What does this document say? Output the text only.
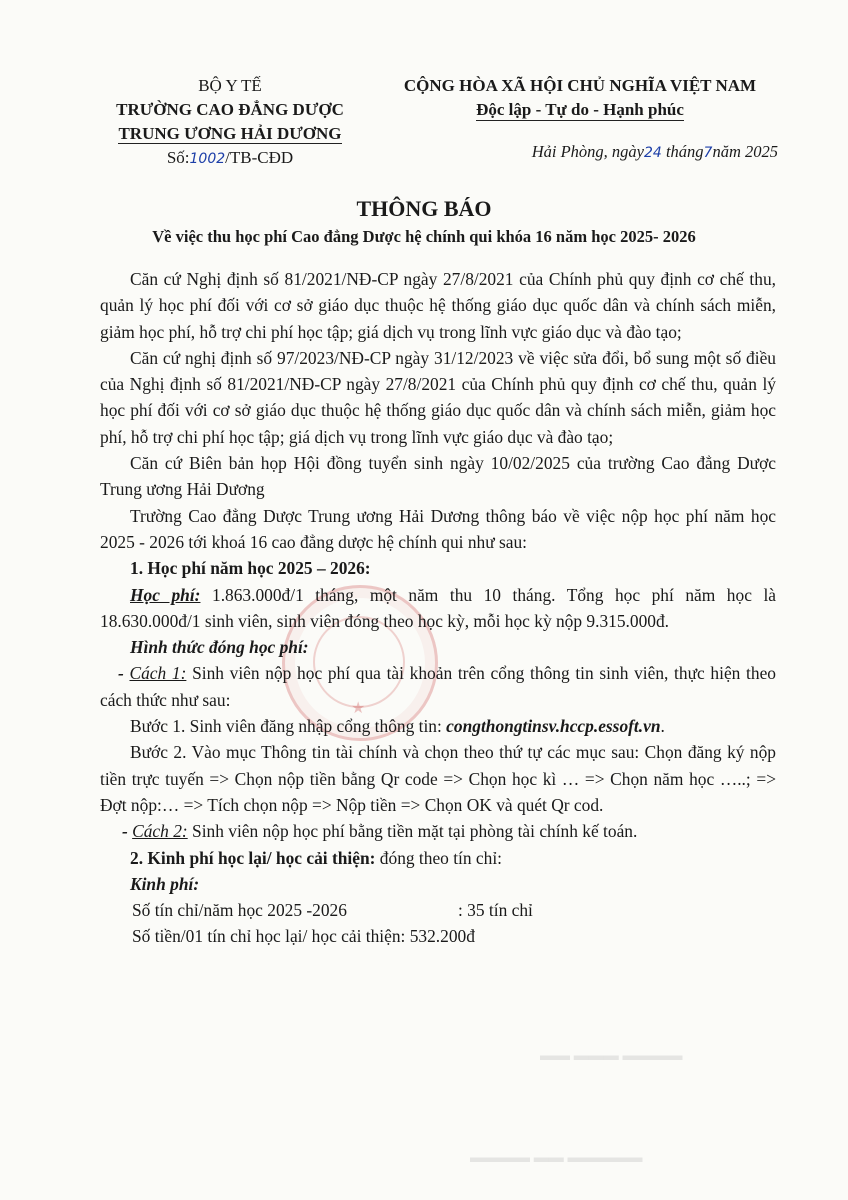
BỘ Y TẾ
TRƯỜNG CAO ĐẲNG DƯỢC
TRUNG ƯƠNG HẢI DƯƠNG
Số:1002/TB-CĐD
CỘNG HÒA XÃ HỘI CHỦ NGHĨA VIỆT NAM
Độc lập - Tự do - Hạnh phúc
Hải Phòng, ngày24 tháng7năm 2025
THÔNG BÁO
Về việc thu học phí Cao đẳng Dược hệ chính qui khóa 16 năm học 2025- 2026
★
▬▬ ▬▬▬ ▬▬▬▬
▬▬▬▬ ▬▬ ▬▬▬▬▬

Căn cứ Nghị định số 81/2021/NĐ-CP ngày 27/8/2021 của Chính phủ quy định cơ chế thu, quản lý học phí đối với cơ sở giáo dục thuộc hệ thống giáo dục quốc dân và chính sách miễn, giảm học phí, hỗ trợ chi phí học tập; giá dịch vụ trong lĩnh vực giáo dục và đào tạo;

Căn cứ nghị định số 97/2023/NĐ-CP ngày 31/12/2023 về việc sửa đổi, bổ sung một số điều của Nghị định số 81/2021/NĐ-CP ngày 27/8/2021 của Chính phủ quy định cơ chế thu, quản lý học phí đối với cơ sở giáo dục thuộc hệ thống giáo dục quốc dân và chính sách miễn, giảm học phí, hỗ trợ chi phí học tập; giá dịch vụ trong lĩnh vực giáo dục và đào tạo;

Căn cứ Biên bản họp Hội đồng tuyển sinh ngày 10/02/2025 của trường Cao đẳng Dược Trung ương Hải Dương

Trường Cao đẳng Dược Trung ương Hải Dương thông báo về việc nộp học phí năm học 2025 - 2026 tới khoá 16 cao đẳng dược hệ chính qui như sau:

1. Học phí năm học 2025 – 2026:

Học phí: 1.863.000đ/1 tháng, một năm thu 10 tháng. Tổng học phí năm học là 18.630.000đ/1 sinh viên, sinh viên đóng theo học kỳ, mỗi học kỳ nộp 9.315.000đ.

Hình thức đóng học phí:

- Cách 1: Sinh viên nộp học phí qua tài khoản trên cổng thông tin sinh viên, thực hiện theo cách thức như sau:

Bước 1. Sinh viên đăng nhập cổng thông tin: congthongtinsv.hccp.essoft.vn.

Bước 2. Vào mục Thông tin tài chính và chọn theo thứ tự các mục sau: Chọn đăng ký nộp tiền trực tuyến => Chọn nộp tiền bằng Qr code => Chọn học kì … => Chọn năm học …..; => Đợt nộp:… => Tích chọn nộp => Nộp tiền => Chọn OK và quét Qr cod.

- Cách 2: Sinh viên nộp học phí bằng tiền mặt tại phòng tài chính kế toán.

2. Kinh phí học lại/ học cải thiện: đóng theo tín chỉ:

Kinh phí:

Số tín chỉ/năm học 2025 -2026	: 35 tín chỉ

Số tiền/01 tín chỉ học lại/ học cải thiện: 532.200đ
